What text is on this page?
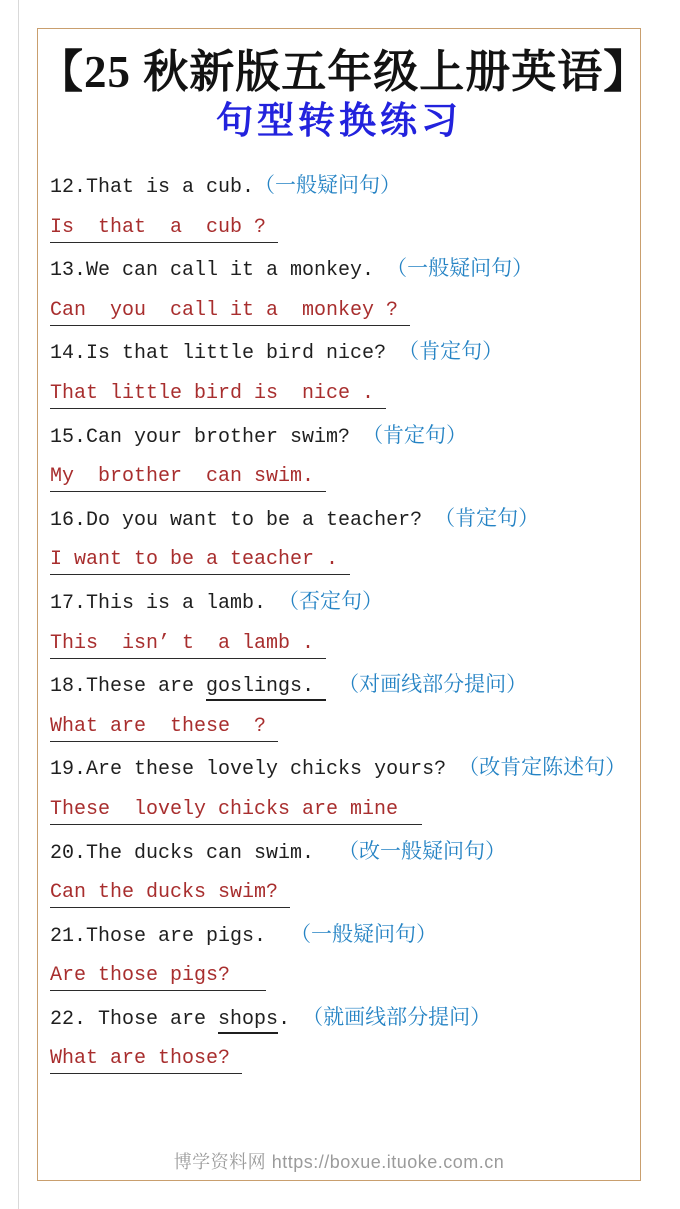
【25 秋新版五年级上册英语】
句型转换练习
12.That is a cub.（一般疑问句）
Is  that  a  cub ?
13.We can call it a monkey. （一般疑问句）
Can  you  call it a  monkey ?
14.Is that little bird nice? （肯定句）
That little bird is  nice .
15.Can your brother swim? （肯定句）
My  brother  can swim.
16.Do you want to be a teacher? （肯定句）
I want to be a teacher .
17.This is a lamb. （否定句）
This  isn’ t  a lamb .
18.These are goslings.  （对画线部分提问）
What are  these  ?
19.Are these lovely chicks yours? （改肯定陈述句）
These  lovely chicks are mine
20.The ducks can swim.  （改一般疑问句）
Can the ducks swim?
21.Those are pigs.  （一般疑问句）
Are those pigs?
22. Those are shops. （就画线部分提问）
What are those?
博学资料网 https://boxue.ituoke.com.cn
